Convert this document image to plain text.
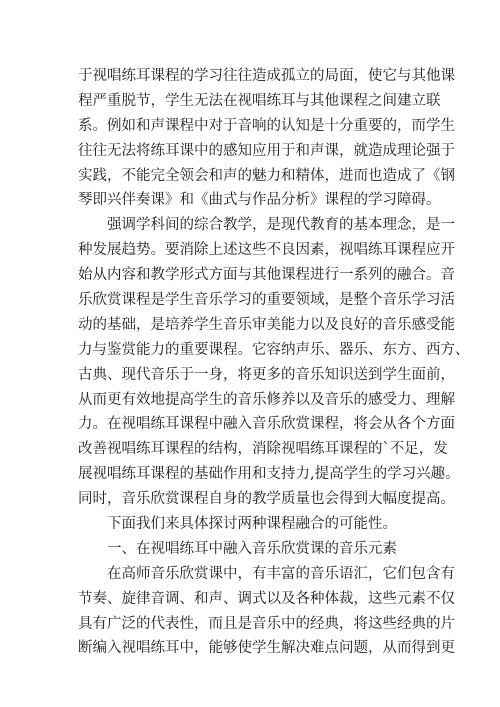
于视唱练耳课程的学习往往造成孤立的局面，使它与其他课
程严重脱节，学生无法在视唱练耳与其他课程之间建立联
系。例如和声课程中对于音响的认知是十分重要的，而学生
往往无法将练耳课中的感知应用于和声课，就造成理论强于
实践，不能完全领会和声的魅力和精体，进而也造成了《钢
琴即兴伴奏课》和《曲式与作品分析》课程的学习障碍。
强调学科间的综合教学，是现代教育的基本理念，是一
种发展趋势。要消除上述这些不良因素，视唱练耳课程应开
始从内容和教学形式方面与其他课程进行一系列的融合。音
乐欣赏课程是学生音乐学习的重要领域，是整个音乐学习活
动的基础，是培养学生音乐审美能力以及良好的音乐感受能
力与鉴赏能力的重要课程。它容纳声乐、器乐、东方、西方、
古典、现代音乐于一身，将更多的音乐知识送到学生面前，
从而更有效地提高学生的音乐修养以及音乐的感受力、理解
力。在视唱练耳课程中融入音乐欣赏课程，将会从各个方面
改善视唱练耳课程的结构，消除视唱练耳课程的`不足，发
展视唱练耳课程的基础作用和支持力,提高学生的学习兴趣。
同时，音乐欣赏课程自身的教学质量也会得到大幅度提高。
下面我们来具体探讨两种课程融合的可能性。
一、在视唱练耳中融入音乐欣赏课的音乐元素
在高师音乐欣赏课中，有丰富的音乐语汇，它们包含有
节奏、旋律音调、和声、调式以及各种体裁，这些元素不仅
具有广泛的代表性，而且是音乐中的经典，将这些经典的片
断编入视唱练耳中，能够使学生解决难点问题，从而得到更
